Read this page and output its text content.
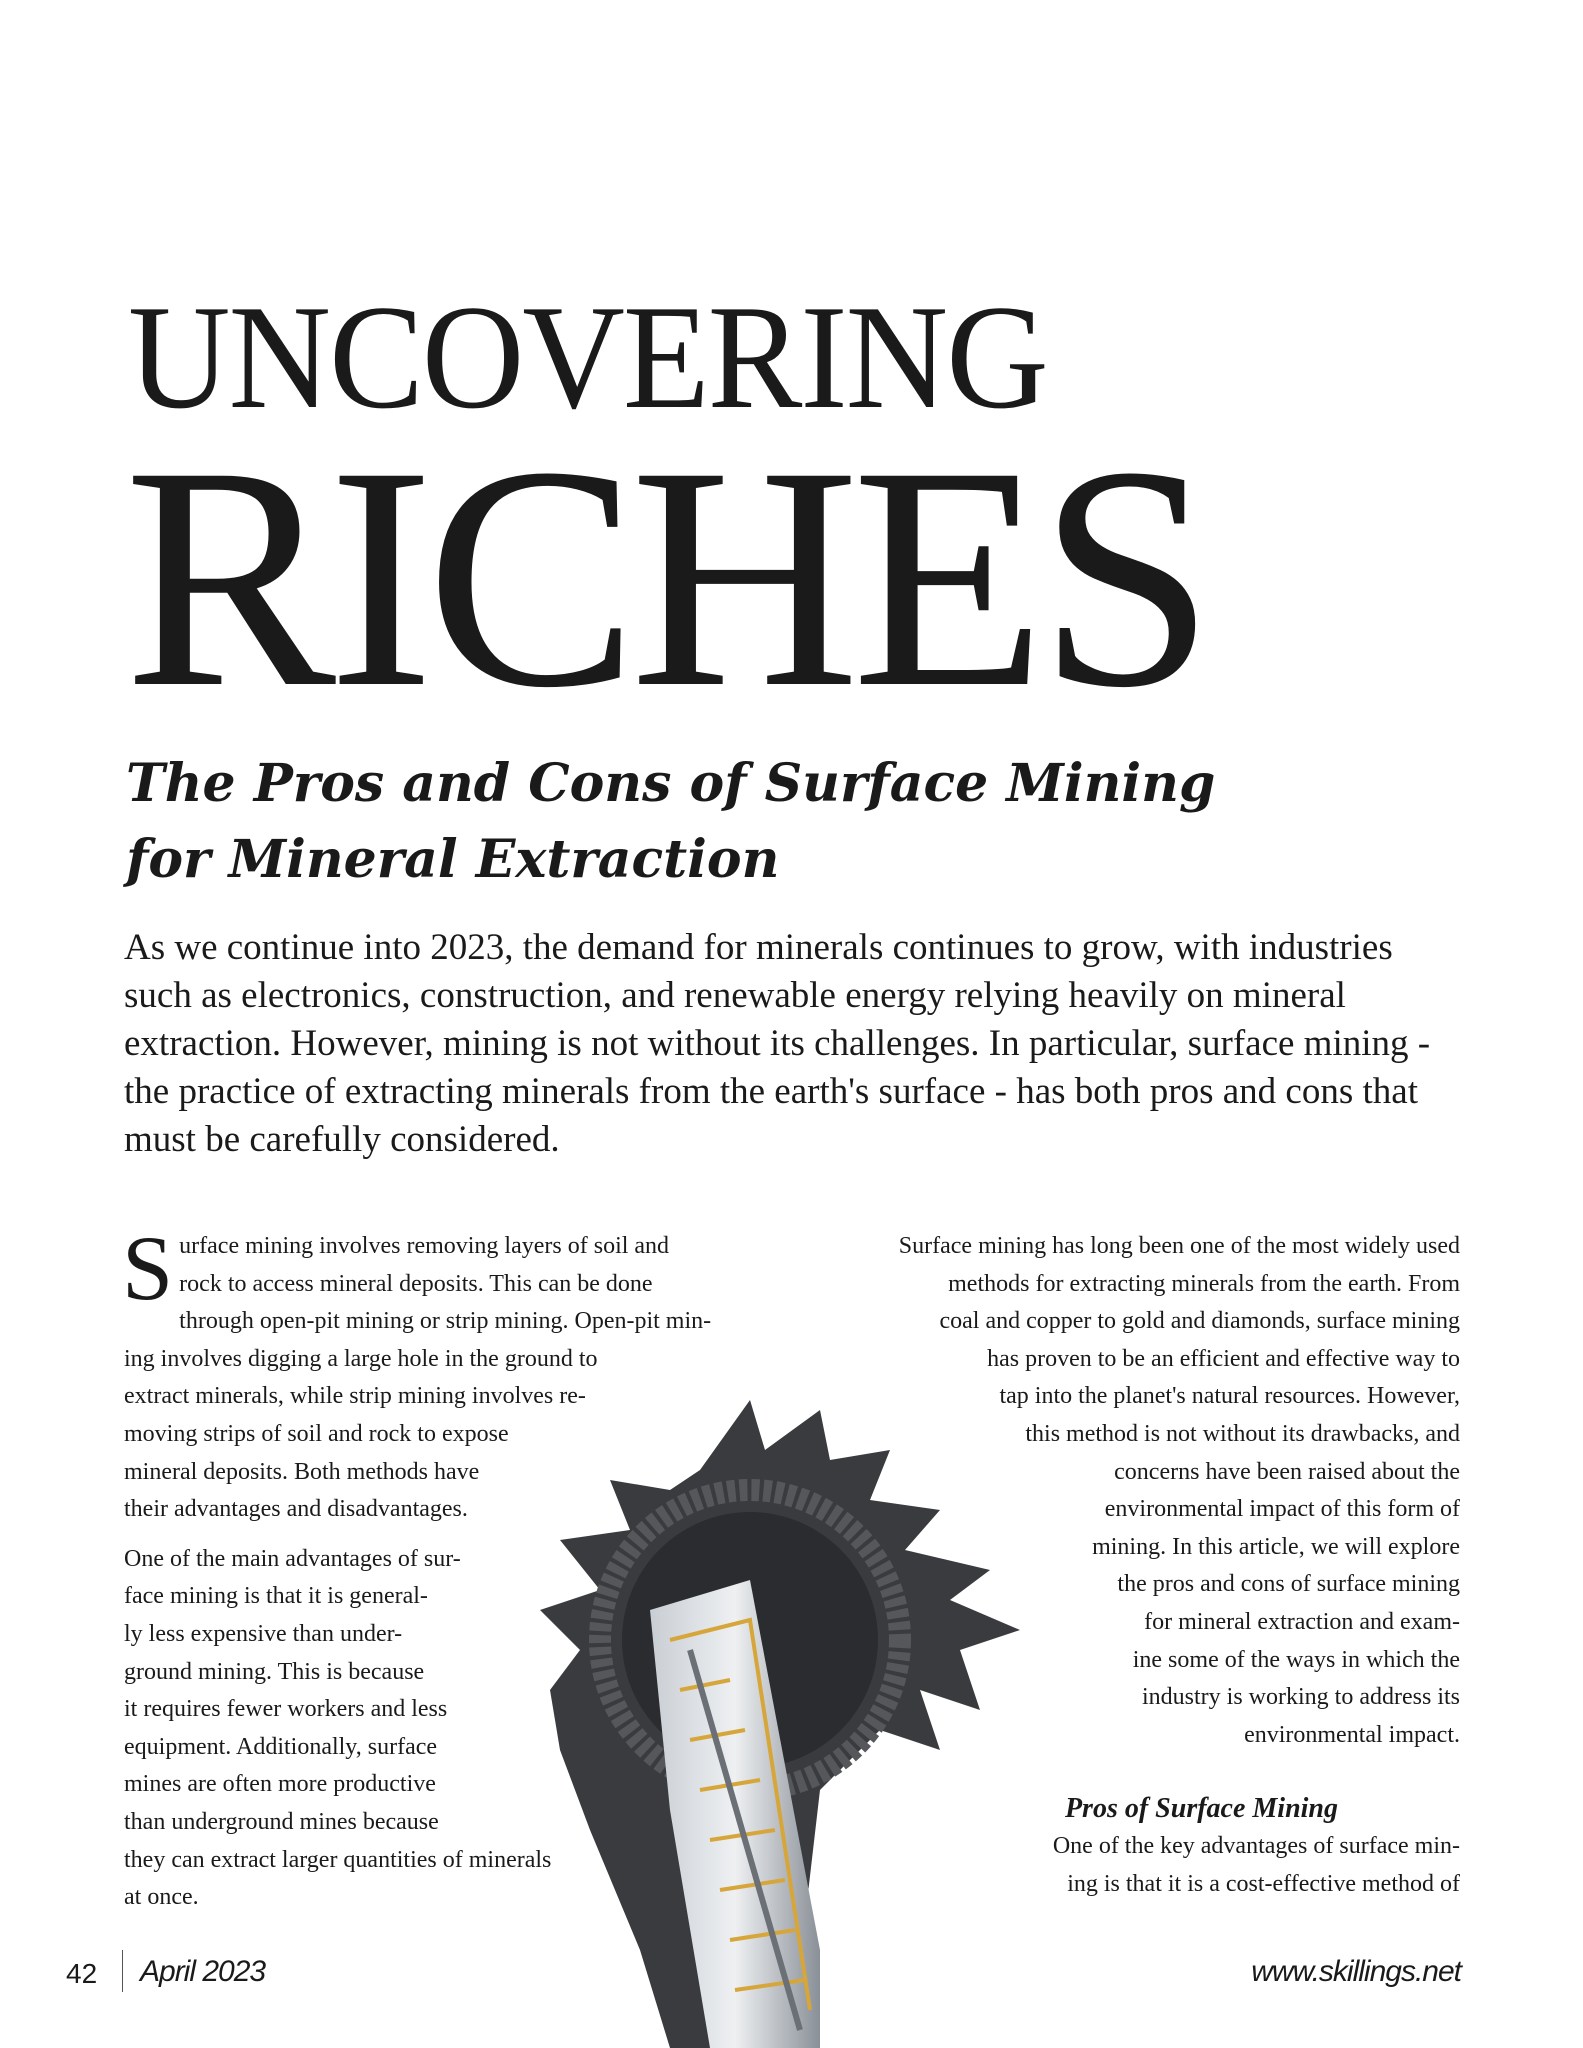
UNCOVERING
RICHES
The Pros and Cons of Surface Mining
for Mineral Extraction

As we continue into 2023, the demand for minerals continues to grow, with industries such as electronics, construction, and renewable energy relying heavily on mineral extraction. However, mining is not without its challenges. In particular, surface mining - the practice of extracting minerals from the earth's surface - has both pros and cons that must be carefully considered.

S urface mining involves removing layers of soil and
rock to access mineral deposits. This can be done
through open-pit mining or strip mining. Open-pit min-
ing involves digging a large hole in the ground to
extract minerals, while strip mining involves re-
moving strips of soil and rock to expose
mineral deposits. Both methods have
their advantages and disadvantages.
One of the main advantages of sur-
face mining is that it is general-
ly less expensive than under-
ground mining. This is because
it requires fewer workers and less
equipment. Additionally, surface
mines are often more productive
than underground mines because
they can extract larger quantities of minerals
at once.
Surface mining has long been one of the most widely used
methods for extracting minerals from the earth. From
coal and copper to gold and diamonds, surface mining
has proven to be an efficient and effective way to
tap into the planet's natural resources. However,
this method is not without its drawbacks, and
concerns have been raised about the
environmental impact of this form of
mining. In this article, we will explore
the pros and cons of surface mining
for mineral extraction and exam-
ine some of the ways in which the
industry is working to address its
environmental impact.
Pros of Surface Mining
One of the key advantages of surface min-
ing is that it is a cost-effective method of
42 April 2023	www.skillings.net
